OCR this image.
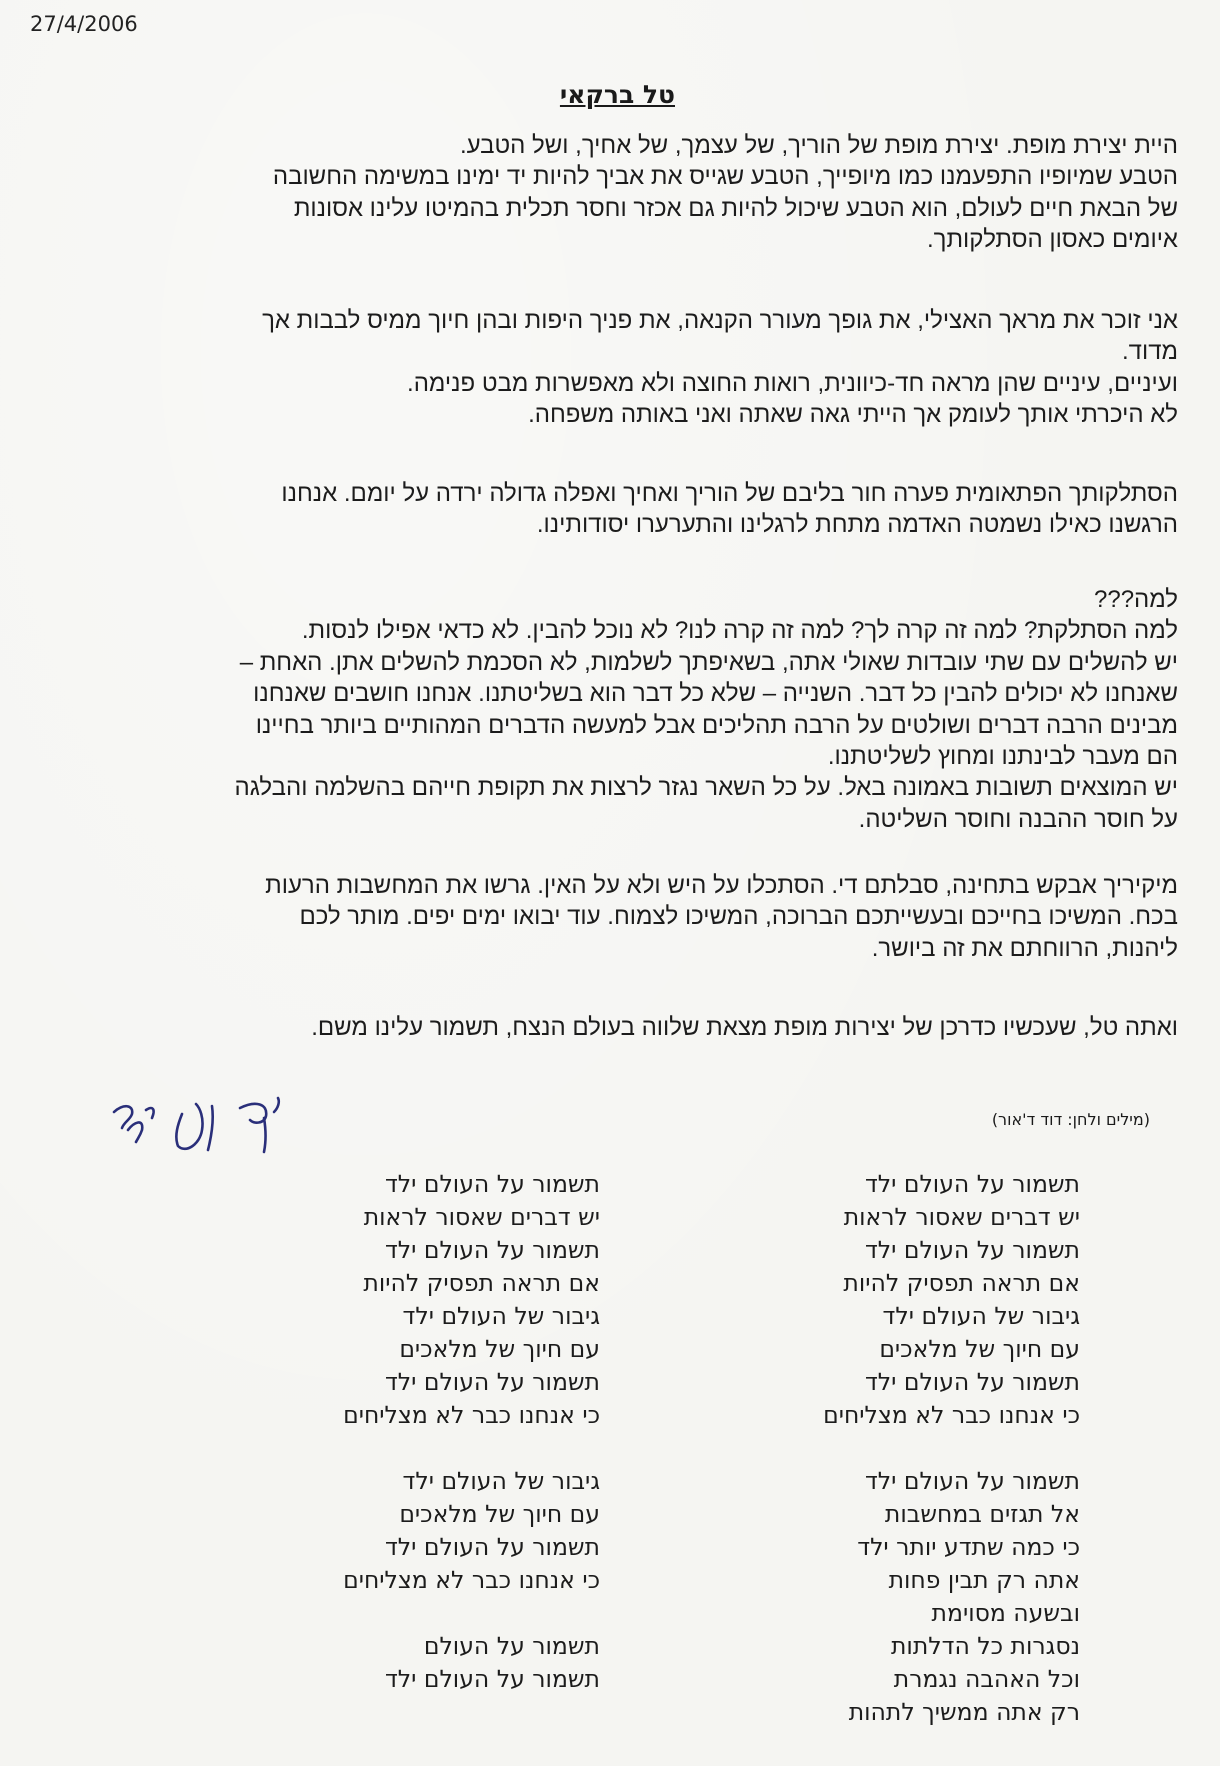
27/4/2006
טל ברקאי
היית יצירת מופת. יצירת מופת של הוריך, של עצמך, של אחיך, ושל הטבע.
הטבע שמיופיו התפעמנו כמו מיופייך, הטבע שגייס את אביך להיות יד ימינו במשימה החשובה
של הבאת חיים לעולם, הוא הטבע שיכול להיות גם אכזר וחסר תכלית בהמיטו עלינו אסונות
איומים כאסון הסתלקותך.
אני זוכר את מראך האצילי, את גופך מעורר הקנאה, את פניך היפות ובהן חיוך ממיס לבבות אך
מדוד.
ועיניים, עיניים שהן מראה חד-כיוונית, רואות החוצה ולא מאפשרות מבט פנימה.
לא היכרתי אותך לעומק אך הייתי גאה שאתה ואני באותה משפחה.
הסתלקותך הפתאומית פערה חור בליבם של הוריך ואחיך ואפלה גדולה ירדה על יומם. אנחנו
הרגשנו כאילו נשמטה האדמה מתחת לרגלינו והתערערו יסודותינו.
למה???
למה הסתלקת? למה זה קרה לך? למה זה קרה לנו? לא נוכל להבין. לא כדאי אפילו לנסות.
יש להשלים עם שתי עובדות שאולי אתה, בשאיפתך לשלמות, לא הסכמת להשלים אתן. האחת –
שאנחנו לא יכולים להבין כל דבר. השנייה – שלא כל דבר הוא בשליטתנו. אנחנו חושבים שאנחנו
מבינים הרבה דברים ושולטים על הרבה תהליכים אבל למעשה הדברים המהותיים ביותר בחיינו
הם מעבר לבינתנו ומחוץ לשליטתנו.
יש המוצאים תשובות באמונה באל. על כל השאר נגזר לרצות את תקופת חייהם בהשלמה והבלגה
על חוסר ההבנה וחוסר השליטה.
מיקיריך אבקש בתחינה, סבלתם די. הסתכלו על היש ולא על האין. גרשו את המחשבות הרעות
בכח. המשיכו בחייכם ובעשייתכם הברוכה, המשיכו לצמוח. עוד יבואו ימים יפים. מותר לכם
ליהנות, הרווחתם את זה ביושר.
ואתה טל, שעכשיו כדרכן של יצירות מופת מצאת שלווה בעולם הנצח, תשמור עלינו משם.
(מילים ולחן: דוד ד'אור)
תשמור על העולם ילד
יש דברים שאסור לראות
תשמור על העולם ילד
אם תראה תפסיק להיות
גיבור של העולם ילד
עם חיוך של מלאכים
תשמור על העולם ילד
כי אנחנו כבר לא מצליחים
תשמור על העולם ילד
אל תגזים במחשבות
כי כמה שתדע יותר ילד
אתה רק תבין פחות
ובשעה מסוימת
נסגרות כל הדלתות
וכל האהבה נגמרת
רק אתה ממשיך לתהות
תשמור על העולם ילד
יש דברים שאסור לראות
תשמור על העולם ילד
אם תראה תפסיק להיות
גיבור של העולם ילד
עם חיוך של מלאכים
תשמור על העולם ילד
כי אנחנו כבר לא מצליחים
גיבור של העולם ילד
עם חיוך של מלאכים
תשמור על העולם ילד
כי אנחנו כבר לא מצליחים
תשמור על העולם
תשמור על העולם ילד
